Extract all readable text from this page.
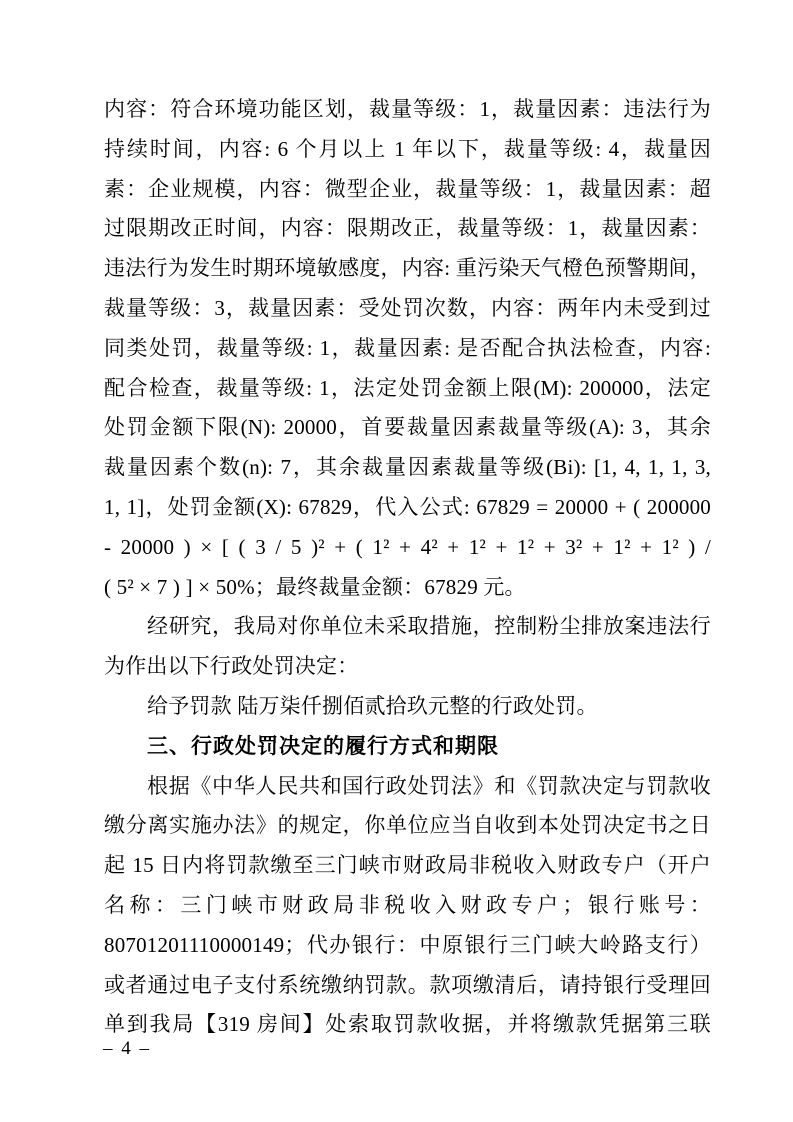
内容：符合环境功能区划，裁量等级：1，裁量因素：违法行为
持续时间，内容: 6 个月以上 1 年以下，裁量等级: 4，裁量因
素：企业规模，内容：微型企业，裁量等级：1，裁量因素：超
过限期改正时间，内容：限期改正，裁量等级：1，裁量因素：
违法行为发生时期环境敏感度，内容: 重污染天气橙色预警期间，
裁量等级：3，裁量因素：受处罚次数，内容：两年内未受到过
同类处罚，裁量等级: 1，裁量因素: 是否配合执法检查，内容:
配合检查，裁量等级: 1，法定处罚金额上限(M): 200000，法定
处罚金额下限(N): 20000，首要裁量因素裁量等级(A): 3，其余
裁量因素个数(n): 7，其余裁量因素裁量等级(Bi): [1, 4, 1, 1, 3,
1, 1]，处罚金额(X): 67829，代入公式: 67829 = 20000 + ( 200000
- 20000 ) × [ ( 3 / 5 )² + ( 1² + 4² + 1² + 1² + 3² + 1² + 1² ) /
( 5² × 7 ) ] × 50%；最终裁量金额：67829 元。
经研究，我局对你单位未采取措施，控制粉尘排放案违法行
为作出以下行政处罚决定：
给予罚款 陆万柒仟捌佰贰拾玖元整的行政处罚。
三、行政处罚决定的履行方式和期限
根据《中华人民共和国行政处罚法》和《罚款决定与罚款收
缴分离实施办法》的规定，你单位应当自收到本处罚决定书之日
起 15 日内将罚款缴至三门峡市财政局非税收入财政专户（开户
名称：三门峡市财政局非税收入财政专户；银行账号：
80701201110000149；代办银行：中原银行三门峡大岭路支行）
或者通过电子支付系统缴纳罚款。款项缴清后，请持银行受理回
单到我局【319 房间】处索取罚款收据，并将缴款凭据第三联
– 4 –
